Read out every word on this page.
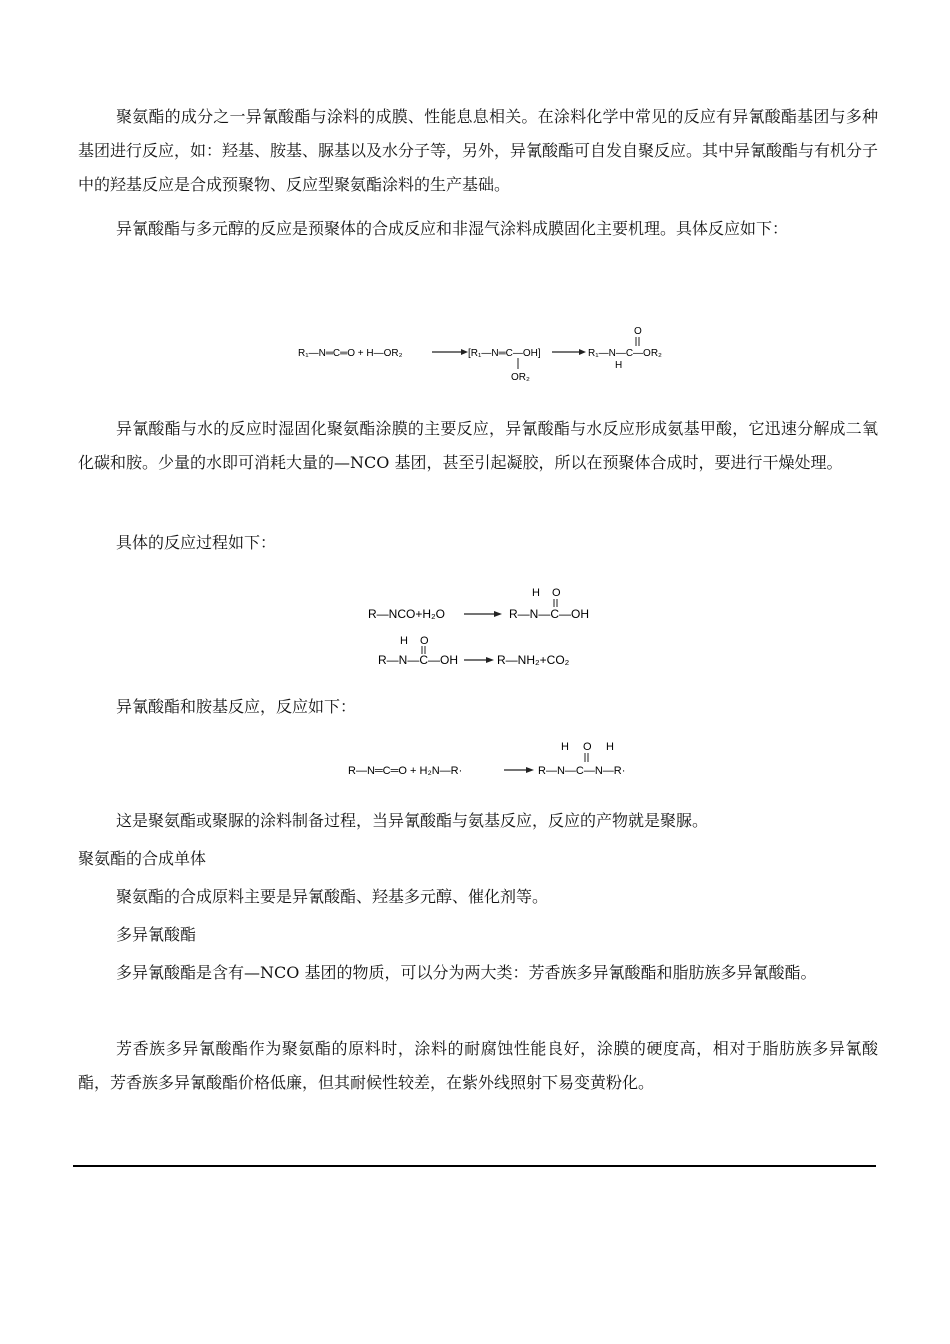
聚氨酯的成分之一异氰酸酯与涂料的成膜、性能息息相关。在涂料化学中常见的反应有异氰酸酯基团与多种基团进行反应，如：羟基、胺基、脲基以及水分子等，另外，异氰酸酯可自发自聚反应。其中异氰酸酯与有机分子中的羟基反应是合成预聚物、反应型聚氨酯涂料的生产基础。

异氰酸酯与多元醇的反应是预聚体的合成反应和非湿气涂料成膜固化主要机理。具体反应如下：

R₁—N═C═O + H—OR₂	[R₁—N═C—OH]
OR₂
R₁—N—C—OR₂
H
O

异氰酸酯与水的反应时湿固化聚氨酯涂膜的主要反应，异氰酸酯与水反应形成氨基甲酸，它迅速分解成二氧化碳和胺。少量的水即可消耗大量的—NCO 基团，甚至引起凝胶，所以在预聚体合成时，要进行干燥处理。

具体的反应过程如下：

R—NCO+H₂O	R—N—C—OH
H O
R—N—C—OH
H O
R—NH₂+CO₂

异氰酸酯和胺基反应，反应如下：

R—N═C═O + H₂N—R·	R—N—C—N—R·
H O H

这是聚氨酯或聚脲的涂料制备过程，当异氰酸酯与氨基反应，反应的产物就是聚脲。

聚氨酯的合成单体

聚氨酯的合成原料主要是异氰酸酯、羟基多元醇、催化剂等。

多异氰酸酯

多异氰酸酯是含有—NCO 基团的物质，可以分为两大类：芳香族多异氰酸酯和脂肪族多异氰酸酯。

芳香族多异氰酸酯作为聚氨酯的原料时，涂料的耐腐蚀性能良好，涂膜的硬度高，相对于脂肪族多异氰酸酯，芳香族多异氰酸酯价格低廉，但其耐候性较差，在紫外线照射下易变黄粉化。
